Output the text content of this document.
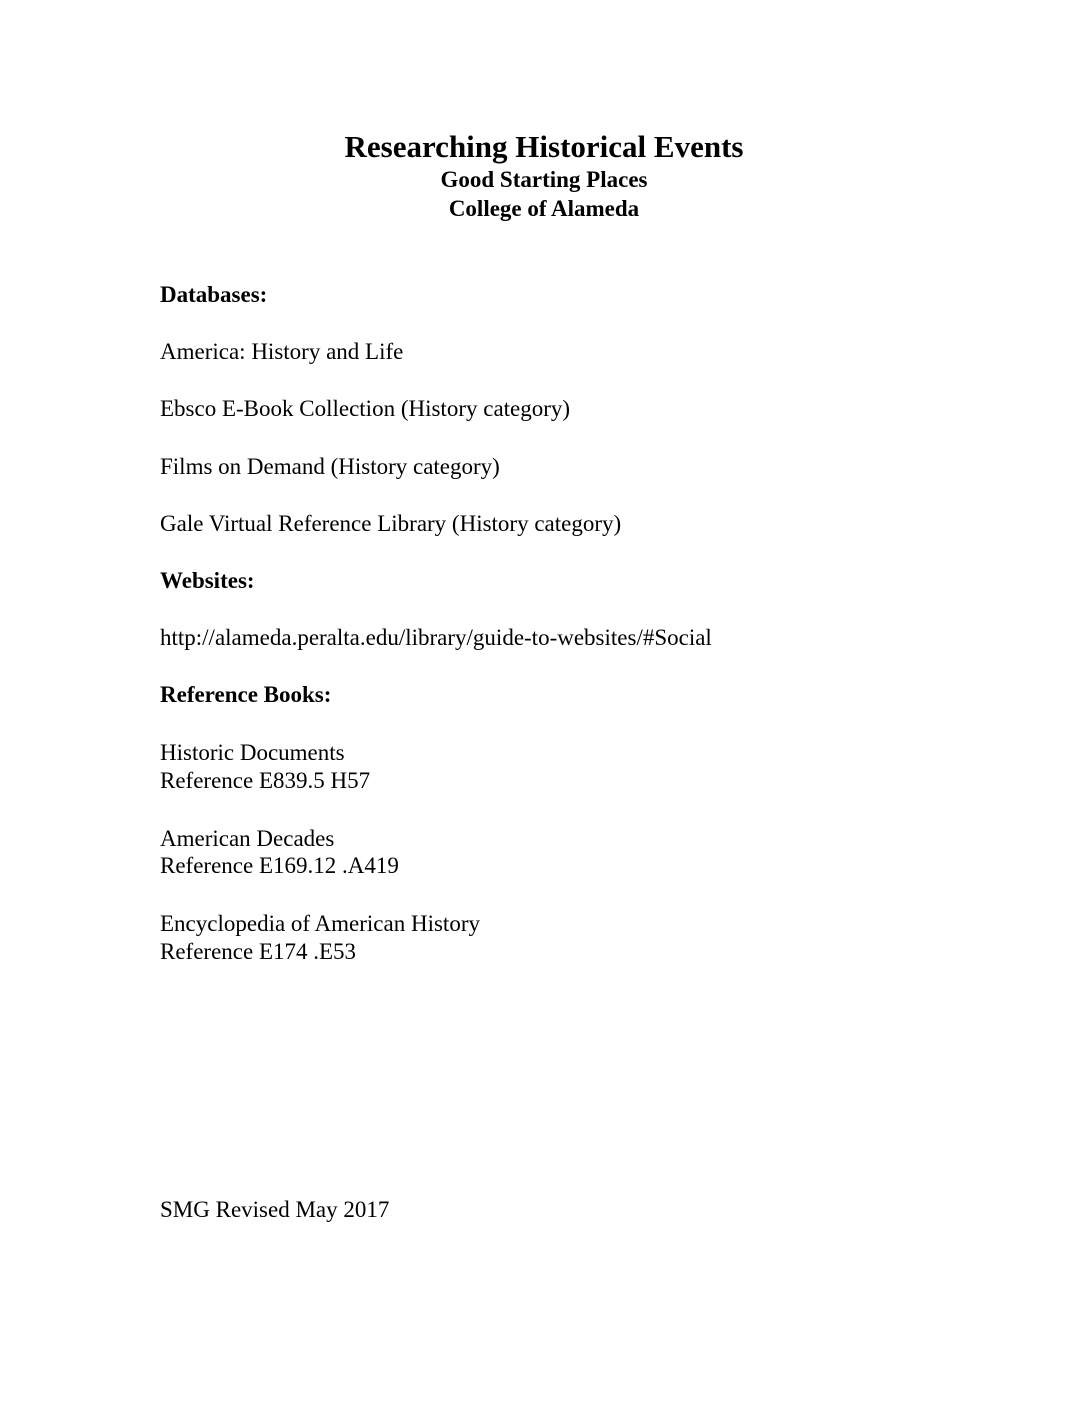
Researching Historical Events
Good Starting Places
College of Alameda
Databases:
America: History and Life
Ebsco E-Book Collection (History category)
Films on Demand (History category)
Gale Virtual Reference Library (History category)
Websites:
http://alameda.peralta.edu/library/guide-to-websites/#Social
Reference Books:
Historic Documents
Reference E839.5 H57
American Decades
Reference E169.12 .A419
Encyclopedia of American History
Reference E174 .E53
SMG Revised May 2017
